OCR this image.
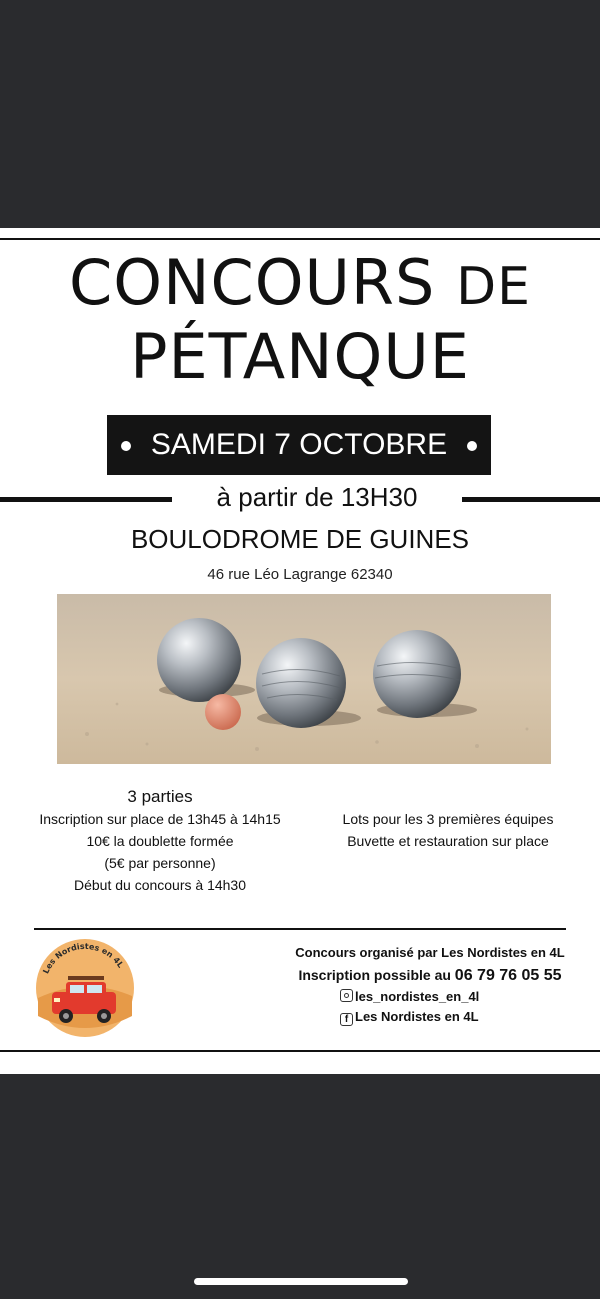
CONCOURS DE
PÉTANQUE
SAMEDI 7 OCTOBRE
à partir de 13H30
BOULODROME DE GUINES
46 rue Léo Lagrange 62340
3 parties
Inscription sur place de 13h45 à 14h15
10€ la doublette formée
(5€ par personne)
Début du concours à 14h30
Lots pour les 3 premières équipes
Buvette et restauration sur place
Les Nordistes en 4L
Concours organisé par Les Nordistes en 4L
Inscription possible au 06 79 76 05 55
les_nordistes_en_4l
f Les Nordistes en 4L
